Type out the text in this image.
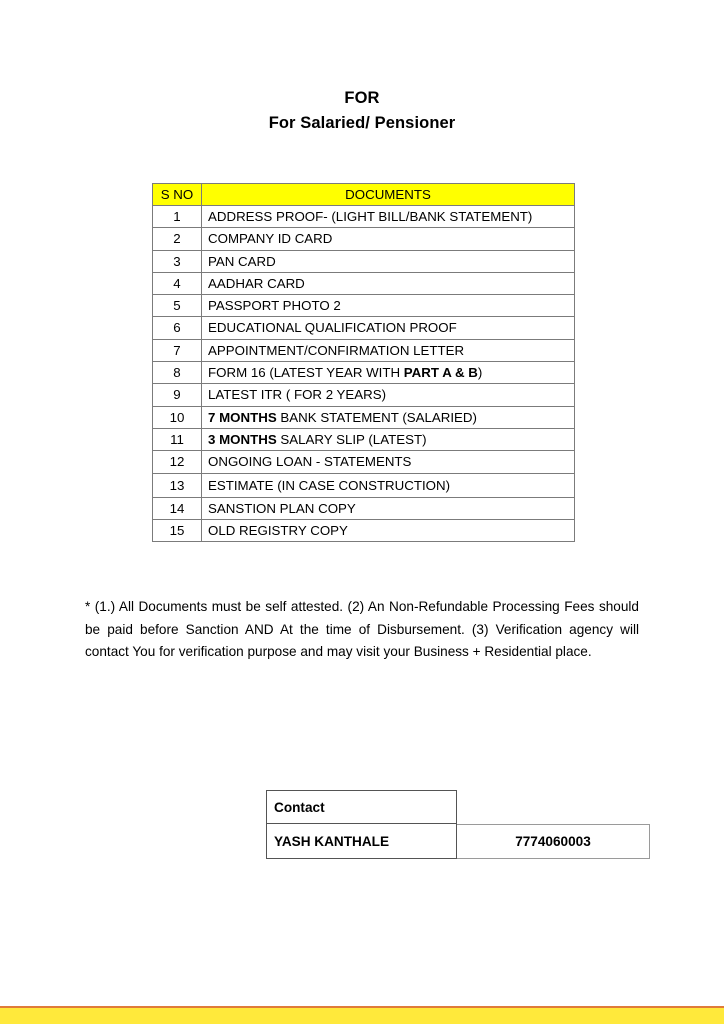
FOR
For Salaried/ Pensioner
S NO	DOCUMENTS
1	ADDRESS PROOF- (LIGHT BILL/BANK STATEMENT)
2	COMPANY ID CARD
3	PAN CARD
4	AADHAR CARD
5	PASSPORT PHOTO 2
6	EDUCATIONAL QUALIFICATION PROOF
7	APPOINTMENT/CONFIRMATION LETTER
8	FORM 16 (LATEST YEAR WITH PART A & B)
9	LATEST ITR ( FOR 2 YEARS)
10	7 MONTHS BANK STATEMENT (SALARIED)
11	3 MONTHS SALARY SLIP (LATEST)
12	ONGOING LOAN - STATEMENTS
13	ESTIMATE (IN CASE CONSTRUCTION)
14	SANSTION PLAN COPY
15	OLD REGISTRY COPY
* (1.) All Documents must be self attested. (2) An Non-Refundable Processing Fees should be paid before Sanction AND At the time of Disbursement. (3) Verification agency will contact You for verification purpose and may visit your Business + Residential place.
Contact
YASH KANTHALE	7774060003
